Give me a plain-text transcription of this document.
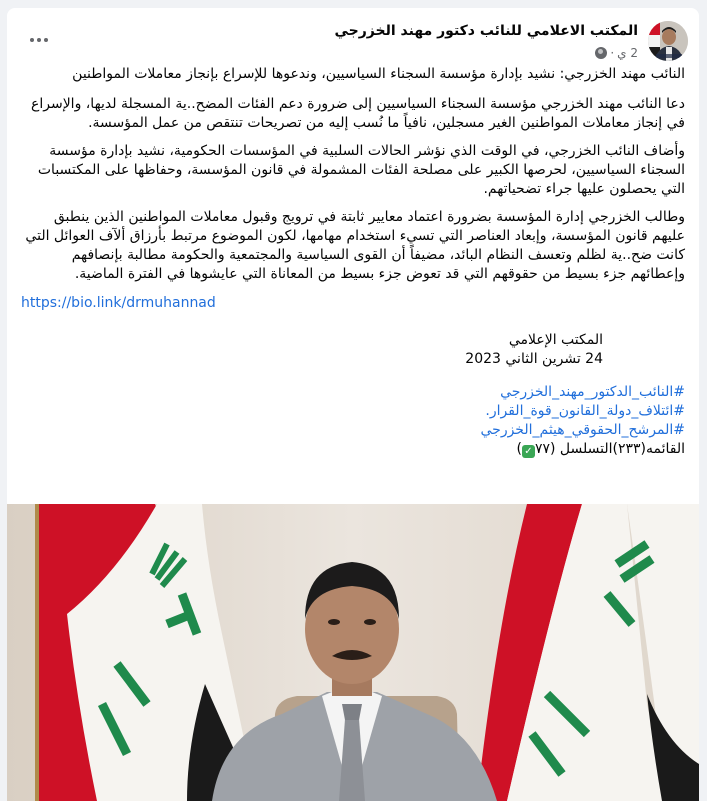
المكتب الاعلامي للنائب دكتور مهند الخزرجي
2 ي
·

النائب مهند الخزرجي: نشيد بإدارة مؤسسة السجناء السياسيين، وندعوها للإسراع بإنجاز معاملات المواطنين

دعا النائب مهند الخزرجي مؤسسة السجناء السياسيين إلى ضرورة دعم الفئات المضح..ية المسجلة لديها، والإسراع في إنجاز معاملات المواطنين الغير مسجلين، نافياً ما نُسب إليه من تصريحات تنتقص من عمل المؤسسة.

وأضاف النائب الخزرجي، في الوقت الذي نؤشر الحالات السلبية في المؤسسات الحكومية، نشيد بإدارة مؤسسة السجناء السياسيين، لحرصها الكبير على مصلحة الفئات المشمولة في قانون المؤسسة، وحفاظها على المكتسبات التي يحصلون عليها جراء تضحياتهم.

وطالب الخزرجي إدارة المؤسسة بضرورة اعتماد معايير ثابتة في ترويج وقبول معاملات المواطنين الذين ينطبق عليهم قانون المؤسسة، وإبعاد العناصر التي تسيء استخدام مهامها، لكون الموضوع مرتبط بأرزاق ألآف العوائل التي كانت ضح..ية لظلم وتعسف النظام البائد، مضيفاً أن القوى السياسية والمجتمعية والحكومة مطالبة بإنصافهم وإعطائهم جزء بسيط من حقوقهم التي قد تعوض جزء بسيط من المعاناة التي عايشوها في الفترة الماضية.

https://bio.link/drmuhannad
المكتب الإعلامي
24 تشرين الثاني 2023
#النائب_الدكتور_مهند_الخزرجي
#ائتلاف_دولة_القانون_قوة_القرار.
#المرشح_الحقوقي_هيثم_الخزرجي
القائمه(٢٣٣)التسلسل (٧٧✓)
